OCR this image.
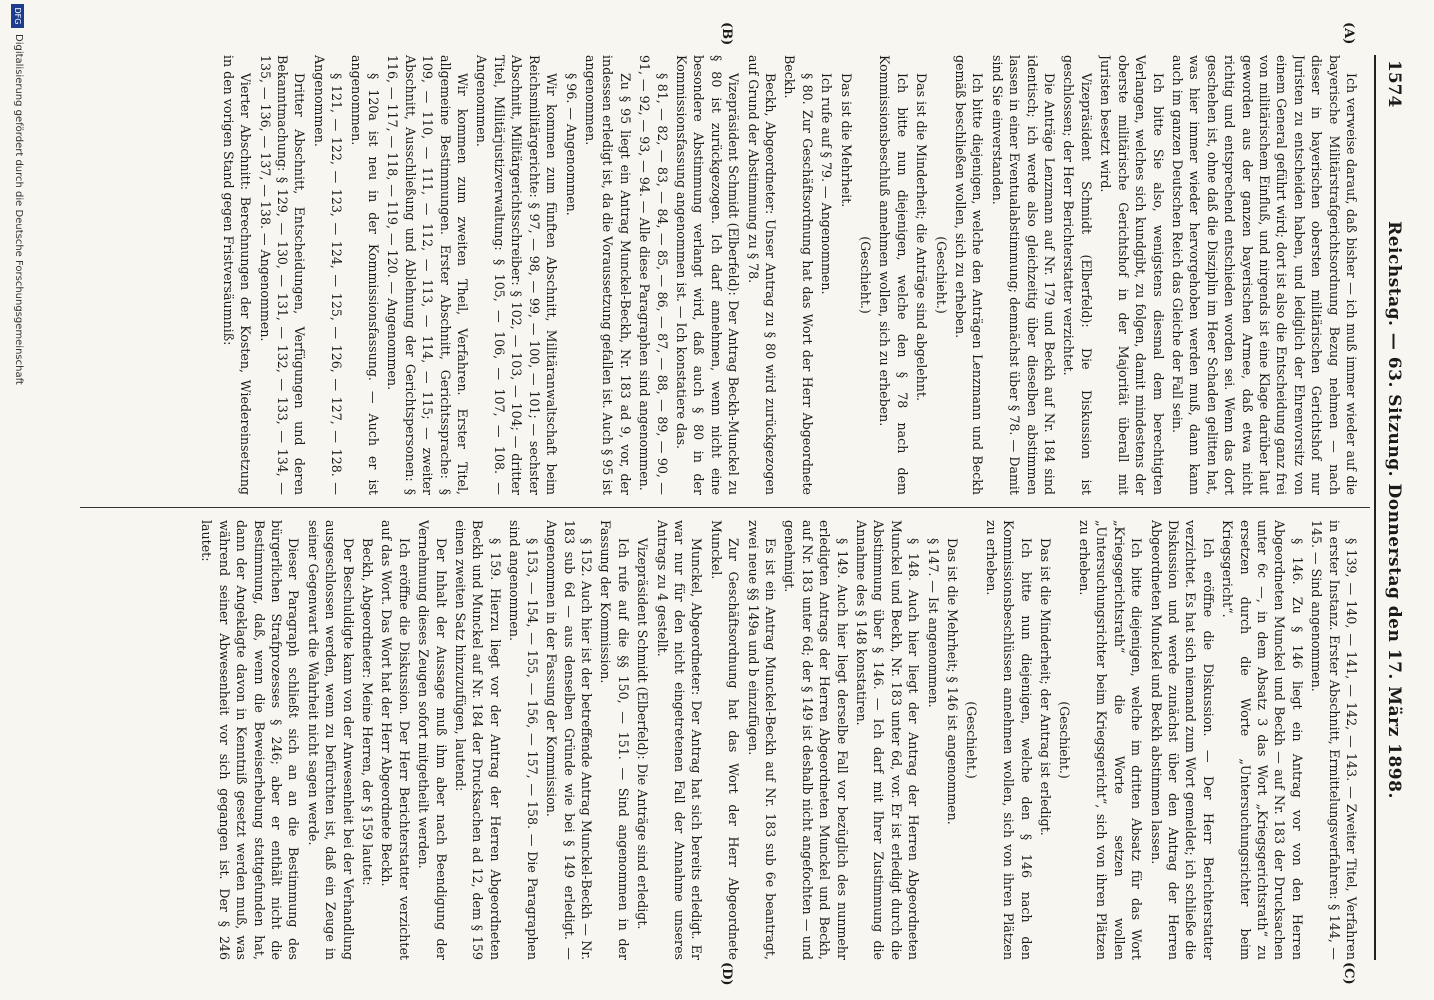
1574
Reichstag. — 63. Sitzung. Donnerstag den 17. März 1898.
(A)
(B)
(C)
(D)

Ich verweise darauf, daß bisher — ich muß immer wieder auf die bayerische Militärstrafgerichtsordnung Bezug nehmen — nach dieser in bayerischen obersten militärischen Gerichtshof nur Juristen zu entscheiden haben, und lediglich der Ehrenvorsitz von einem General geführt wird; dort ist also die Entscheidung ganz frei von militärischem Einfluß, und nirgends ist eine Klage darüber laut geworden aus der ganzen bayerischen Armee, daß etwa nicht richtig und entsprechend entschieden worden sei. Wenn das dort geschehen ist, ohne daß die Disziplin im Heer Schaden gelitten hat, was hier immer wieder hervorgehoben werden muß, dann kann auch im ganzen Deutschen Reich das Gleiche der Fall sein.

Ich bitte Sie also, wenigstens diesmal dem berechtigten Verlangen, welches sich kundgibt, zu folgen, damit mindestens der oberste militärische Gerichtshof in der Majorität überall mit Juristen besetzt wird.

Vizepräsident Schmidt (Elberfeld): Die Diskussion ist geschlossen; der Herr Berichterstatter verzichtet.

Die Anträge Lenzmann auf Nr. 179 und Beckh auf Nr. 184 sind identisch; ich werde also gleichzeitig über dieselben abstimmen lassen in einer Eventualabstimmung; demnächst über § 78. — Damit sind Sie einverstanden.

Ich bitte diejenigen, welche den Anträgen Lenzmann und Beckh gemäß beschließen wollen, sich zu erheben.

(Geschieht.)

Das ist die Minderheit; die Anträge sind abgelehnt.

Ich bitte nun diejenigen, welche den § 78 nach dem Kommissionsbeschluß annehmen wollen, sich zu erheben.

(Geschieht.)

Das ist die Mehrheit.

Ich rufe auf § 79. — Angenommen.

§ 80. Zur Geschäftsordnung hat das Wort der Herr Abgeordnete Beckh.

Beckh, Abgeordneter: Unser Antrag zu § 80 wird zurückgezogen auf Grund der Abstimmung zu § 78.

Vizepräsident Schmidt (Elberfeld): Der Antrag Beckh-Munckel zu § 80 ist zurückgezogen. Ich darf annehmen, wenn nicht eine besondere Abstimmung verlangt wird, daß auch § 80 in der Kommissionsfassung angenommen ist. — Ich konstatiere das.

§ 81, — 82, — 83, — 84, — 85, — 86, — 87, — 88, — 89, — 90, — 91, — 92, — 93, — 94. — Alle diese Paragraphen sind angenommen.

Zu § 95 liegt ein Antrag Munckel-Beckh, Nr. 183 ad 9, vor, der indessen erledigt ist, da die Voraussetzung gefallen ist. Auch § 95 ist angenommen.

§ 96. — Angenommen.

Wir kommen zum fünften Abschnitt, Militäranwaltschaft beim Reichsmilitärgerichte: § 97, — 98, — 99, — 100, — 101; — sechster Abschnitt, Militärgerichtsschreiber: § 102, — 103, — 104; — dritter Titel, Militärjustizverwaltung: § 105, — 106, — 107, — 108. — Angenommen.

Wir kommen zum zweiten Theil, Verfahren. Erster Titel, allgemeine Bestimmungen. Erster Abschnitt, Gerichtssprache: § 109, — 110, — 111, — 112, — 113, — 114, — 115; — zweiter Abschnitt, Ausschließung und Ablehnung der Gerichtspersonen: § 116, — 117, — 118, — 119, — 120. — Angenommen.

§ 120a ist neu in der Kommissionsfassung. — Auch er ist angenommen.

§ 121, — 122, — 123, — 124, — 125, — 126, — 127, — 128. — Angenommen.

Dritter Abschnitt, Entscheidungen, Verfügungen und deren Bekanntmachung: § 129, — 130, — 131, — 132, — 133, — 134, — 135, — 136, — 137, — 138. — Angenommen.

Vierter Abschnitt: Berechnungen der Kosten, Wiedereinsetzung in den vorigen Stand gegen Fristversäumniß:

§ 139, — 140, — 141, — 142, — 143. — Zweiter Titel, Verfahren in erster Instanz. Erster Abschnitt, Ermittelungsverfahren: § 144, — 145. — Sind angenommen.

§ 146. Zu § 146 liegt ein Antrag vor von den Herren Abgeordneten Munckel und Beckh — auf Nr. 183 der Drucksachen unter 6c —, in dem Absatz 3 das Wort „Kriegsgerichtsrath“ zu ersetzen durch die Worte „Untersuchungsrichter beim Kriegsgericht“.

Ich eröffne die Diskussion. — Der Herr Berichterstatter verzichtet. Es hat sich niemand zum Wort gemeldet; ich schließe die Diskussion und werde zunächst über den Antrag der Herren Abgeordneten Munckel und Beckh abstimmen lassen.

Ich bitte diejenigen, welche im dritten Absatz für das Wort „Kriegsgerichtsrath“ die Worte setzen wollen „Untersuchungsrichter beim Kriegsgericht“, sich von ihren Plätzen zu erheben.

(Geschieht.)

Das ist die Minderheit; der Antrag ist erledigt.

Ich bitte nun diejenigen, welche den § 146 nach den Kommissionsbeschlüssen annehmen wollen, sich von ihren Plätzen zu erheben.

(Geschieht.)

Das ist die Mehrheit; § 146 ist angenommen.

§ 147. — Ist angenommen.

§ 148. Auch hier liegt der Antrag der Herren Abgeordneten Munckel und Beckh, Nr. 183 unter 6d, vor. Er ist erledigt durch die Abstimmung über § 146. — Ich darf mit Ihrer Zustimmung die Annahme des § 148 konstatiren.

§ 149. Auch hier liegt derselbe Fall vor bezüglich des nunmehr erledigten Antrags der Herren Abgeordneten Munckel und Beckh, auf Nr. 183 unter 6d; der § 149 ist deshalb nicht angefochten — und genehmigt.

Es ist ein Antrag Munckel-Beckh auf Nr. 183 sub 6e beantragt, zwei neue §§ 149a und b einzufügen.

Zur Geschäftsordnung hat das Wort der Herr Abgeordnete Munckel.

Munckel, Abgeordneter: Der Antrag hat sich bereits erledigt. Er war nur für den nicht eingetretenen Fall der Annahme unseres Antrags zu 4 gestellt.

Vizepräsident Schmidt (Elberfeld): Die Anträge sind erledigt.

Ich rufe auf die §§ 150, — 151. — Sind angenommen in der Fassung der Kommission.

§ 152. Auch hier ist der betreffende Antrag Munckel-Beckh — Nr. 183 sub 6d — aus denselben Gründe wie bei § 149 erledigt. — Angenommen in der Fassung der Kommission.

§ 153, — 154, — 155, — 156, — 157, — 158. — Die Paragraphen sind angenommen.

§ 159. Hierzu liegt vor der Antrag der Herren Abgeordneten Beckh und Munckel auf Nr. 184 der Drucksachen ad 12, dem § 159 einen zweiten Satz hinzuzufügen, lautend:

Der Inhalt der Aussage muß ihm aber nach Beendigung der Vernehmung dieses Zeugen sofort mitgetheilt werden.

Ich eröffne die Diskussion. Der Herr Berichterstatter verzichtet auf das Wort. Das Wort hat der Herr Abgeordnete Beckh.

Beckh, Abgeordneter: Meine Herren, der § 159 lautet:

Der Beschuldigte kann von der Anwesenheit bei der Verhandlung ausgeschlossen werden, wenn zu befürchten ist, daß ein Zeuge in seiner Gegenwart die Wahrheit nicht sagen werde.

Dieser Paragraph schließt sich an an die Bestimmung des bürgerlichen Strafprozesses § 246; aber er enthält nicht die Bestimmung, daß, wenn die Beweiserhebung stattgefunden hat, dann der Angeklagte davon in Kenntniß gesetzt werden muß, was während seiner Abwesenheit vor sich gegangen ist. Der § 246 lautet:

DFG
Digitalisierung gefördert durch die Deutsche Forschungsgemeinschaft
